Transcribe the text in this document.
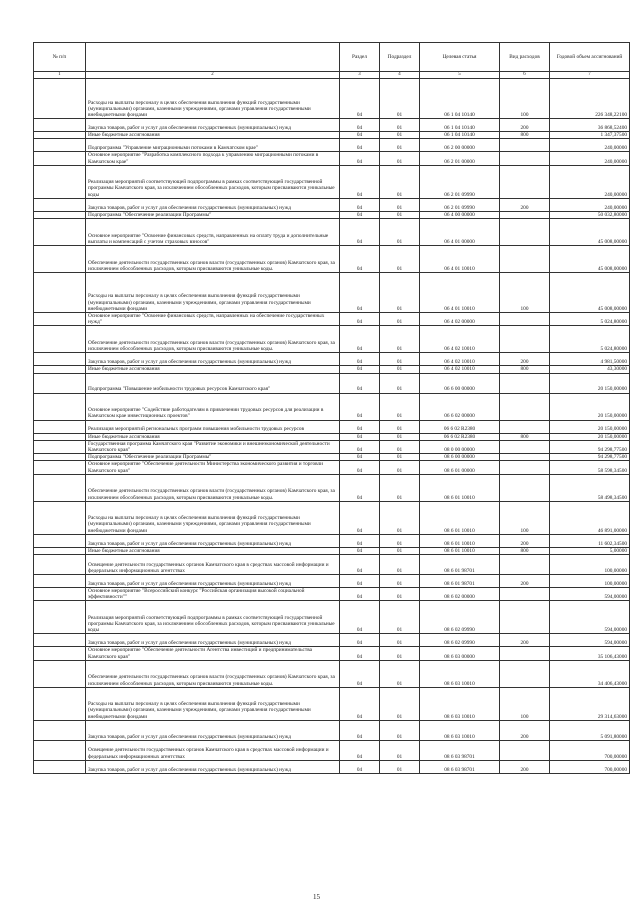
№ п/п		Раздел	Подраздел	Целевая статья	Вид расходов	Годовой объем ассигнований
1	2	3	4	5	6	7
	Расходы на выплаты персоналу в целях обеспечения выполнения функций государственными (муниципальными) органами, казенными учреждениями, органами управления государственными внебюджетными фондами	04	01	06 1 04 10140	100	226 348,22100
	Закупка товаров, работ и услуг для обеспечения государственных (муниципальных) нужд	04	01	06 1 04 10140	200	36 868,52400
	Иные бюджетные ассигнования	04	01	06 1 04 10140	800	1 347,37500
	Подпрограмма "Управление миграционными потоками в Камчатском крае"	04	01	06 2 00 00000		240,00000
	Основное мероприятие "Разработка комплексного подхода к управлению миграционными потоками в Камчатском крае"	04	01	06 2 01 00000		240,00000
	Реализация мероприятий соответствующей подпрограммы в рамках соответствующей государственной программы Камчатского края, за исключением обособленных расходов, которым присваиваются уникальные коды	04	01	06 2 01 09990		240,00000
	Закупка товаров, работ и услуг для обеспечения государственных (муниципальных) нужд	04	01	06 2 01 09990	200	240,00000
	Подпрограмма "Обеспечение реализации Программы"	04	01	06 4 00 00000		50 032,80000
	Основное мероприятие "Освоение финансовых средств, направленных на оплату труда и дополнительные выплаты и компенсаций с учетом страховых взносов"	04	01	06 4 01 00000		45 008,00000
	Обеспечение деятельности государственных органов власти (государственных органов) Камчатского края, за исключением обособленных расходов, которым присваиваются уникальные коды.	04	01	06 4 01 10010		45 008,00000
	Расходы на выплаты персоналу в целях обеспечения выполнения функций государственными (муниципальными) органами, казенными учреждениями, органами управления государственными внебюджетными фондами	04	01	06 4 01 10010	100	45 008,00000
	Основное мероприятие "Освоение финансовых средств, направленных на обеспечение государственных нужд"	04	01	06 4 02 00000		5 024,80000
	Обеспечение деятельности государственных органов власти (государственных органов) Камчатского края, за исключением обособленных расходов, которым присваиваются уникальные коды.	04	01	06 4 02 10010		5 024,80000
	Закупка товаров, работ и услуг для обеспечения государственных (муниципальных) нужд	04	01	06 4 02 10010	200	4 981,50000
	Иные бюджетные ассигнования	04	01	06 4 02 10010	800	43,30000
	Подпрограмма "Повышение мобильности трудовых ресурсов Камчатского края"	04	01	06 6 00 00000		20 150,00000
	Основное мероприятие "Содействие работодателям в привлечении трудовых ресурсов для реализации в Камчатском крае инвестиционных проектов"	04	01	06 6 02 00000		20 150,00000
	Реализация мероприятий региональных программ повышения мобильности трудовых ресурсов	04	01	06 6 02 R2380		20 150,00000
	Иные бюджетные ассигнования	04	01	06 6 02 R2380	800	20 150,00000
	Государственная программа Камчатского края "Развитие экономики и внешнеэкономической деятельности Камчатского края"	04	01	08 0 00 00000		94 298,77500
	Подпрограмма "Обеспечение реализации Программы"	04	01	08 6 00 00000		94 298,77500
	Основное мероприятие "Обеспечение деятельности Министерства экономического развития и торговли Камчатского края"	04	01	08 6 01 00000		58 598,34500
	Обеспечение деятельности государственных органов власти (государственных органов) Камчатского края, за исключением обособленных расходов, которым присваиваются уникальные коды.	04	01	08 6 01 10010		58 498,34500
	Расходы на выплаты персоналу в целях обеспечения выполнения функций государственными (муниципальными) органами, казенными учреждениями, органами управления государственными внебюджетными фондами	04	01	08 6 01 10010	100	46 891,00000
	Закупка товаров, работ и услуг для обеспечения государственных (муниципальных) нужд	04	01	08 6 01 10010	200	11 602,34500
	Иные бюджетные ассигнования	04	01	08 6 01 10010	800	5,00000
	Освещение деятельности государственных органов Камчатского края в средствах массовой информации и федеральных информационных агентствах	04	01	08 6 01 98701		100,00000
	Закупка товаров, работ и услуг для обеспечения государственных (муниципальных) нужд	04	01	08 6 01 98701	200	100,00000
	Основное мероприятие "Всероссийский конкурс "Российская организация высокой социальной эффективности""	04	01	08 6 02 00000		594,00000
	Реализация мероприятий соответствующей подпрограммы в рамках соответствующей государственной программы Камчатского края, за исключением обособленных расходов, которым присваиваются уникальные коды	04	01	08 6 02 09990		594,00000
	Закупка товаров, работ и услуг для обеспечения государственных (муниципальных) нужд	04	01	08 6 02 09990	200	594,00000
	Основное мероприятие "Обеспечение деятельности Агентства инвестиций и предпринимательства Камчатского края"	04	01	08 6 03 00000		35 106,43000
	Обеспечение деятельности государственных органов власти (государственных органов) Камчатского края, за исключением обособленных расходов, которым присваиваются уникальные коды.	04	01	08 6 03 10010		34 406,43000
	Расходы на выплаты персоналу в целях обеспечения выполнения функций государственными (муниципальными) органами, казенными учреждениями, органами управления государственными внебюджетными фондами	04	01	08 6 03 10010	100	29 314,63000
	Закупка товаров, работ и услуг для обеспечения государственных (муниципальных) нужд	04	01	08 6 03 10010	200	5 091,80000
	Освещение деятельности государственных органов Камчатского края в средствах массовой информации и федеральных информационных агентствах	04	01	08 6 03 98701		700,00000
	Закупка товаров, работ и услуг для обеспечения государственных (муниципальных) нужд	04	01	08 6 03 98701	200	700,00000
15
